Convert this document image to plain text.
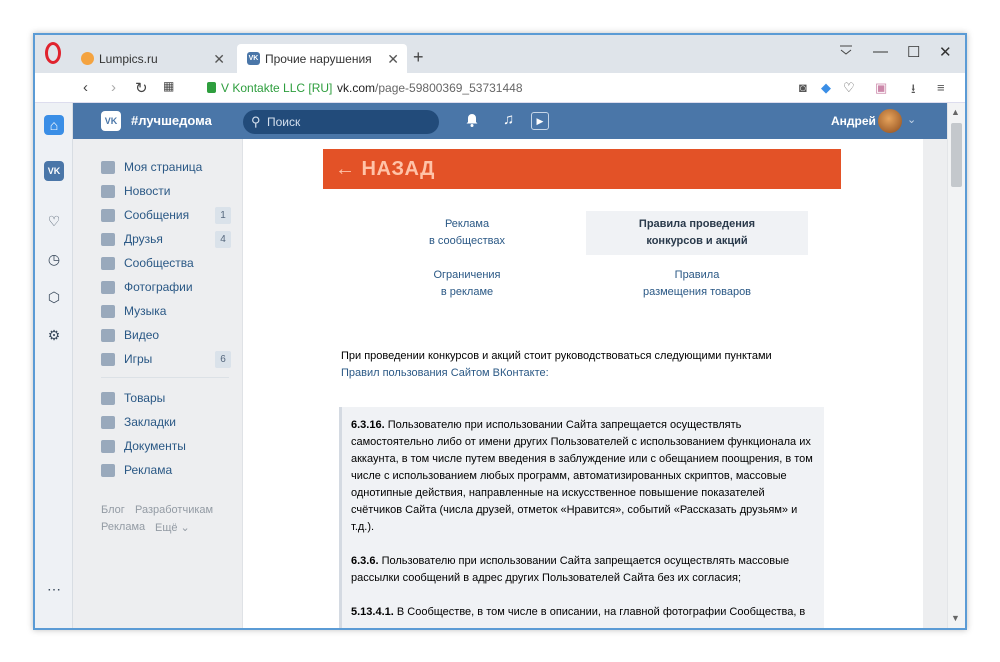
Lumpics.ru	✕	VK Прочие нарушения ✕ +	— ☐ ✕
‹ › ↻ ▦	V Kontakte LLC [RU] vk.com/page-59800369_53731448	◙ ◆ ♡ ▣ ⭳ ≡
⌂
VK
♡
◷
⬡
⚙
⋯
VK #лучшедома	⚲ Поиск	♫	▶	Андрей	⌄
Моя страница
Новости
Сообщения	1
Друзья	4
Сообщества
Фотографии
Музыка
Видео
Игры	6
Товары
Закладки
Документы
Реклама
Блог Разработчикам
Реклама Ещё ⌄
← НАЗАД
Реклама
в сообществах
Правила проведения
конкурсов и акций
Ограничения
в рекламе
Правила
размещения товаров
При проведении конкурсов и акций стоит руководствоваться следующими пунктами
Правил пользования Сайтом ВКонтакте:

6.3.16. Пользователю при использовании Сайта запрещается осуществлять самостоятельно либо от имени других Пользователей с использованием функционала их аккаунта, в том числе путем введения в заблуждение или с обещанием поощрения, в том числе с использованием любых программ, автоматизированных скриптов, массовые однотипные действия, направленные на искусственное повышение показателей счётчиков Сайта (числа друзей, отметок «Нравится», событий «Рассказать друзьям» и т.д.).

6.3.6. Пользователю при использовании Сайта запрещается осуществлять массовые рассылки сообщений в адрес других Пользователей Сайта без их согласия;

5.13.4.1. В Сообществе, в том числе в описании, на главной фотографии Сообщества, в

▲
▼
